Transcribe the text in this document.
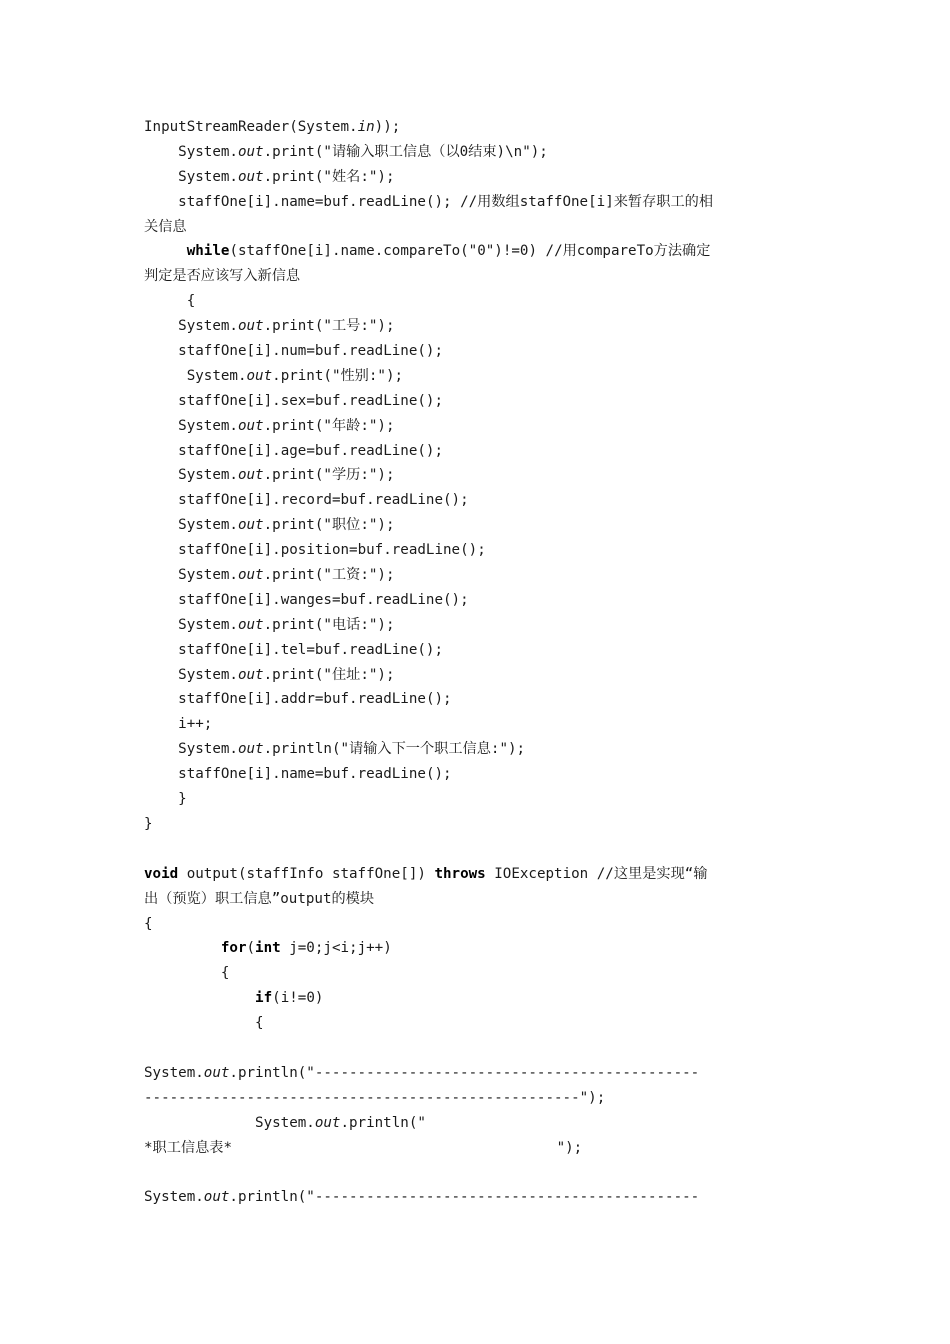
InputStreamReader(System.in));
System.out.print("请输入职工信息（以0结束)\n");
System.out.print("姓名:");
staffOne[i].name=buf.readLine(); //用数组staffOne[i]来暂存职工的相
关信息
while(staffOne[i].name.compareTo("0")!=0) //用compareTo方法确定
判定是否应该写入新信息
{
System.out.print("工号:");
staffOne[i].num=buf.readLine();
System.out.print("性别:");
staffOne[i].sex=buf.readLine();
System.out.print("年龄:");
staffOne[i].age=buf.readLine();
System.out.print("学历:");
staffOne[i].record=buf.readLine();
System.out.print("职位:");
staffOne[i].position=buf.readLine();
System.out.print("工资:");
staffOne[i].wanges=buf.readLine();
System.out.print("电话:");
staffOne[i].tel=buf.readLine();
System.out.print("住址:");
staffOne[i].addr=buf.readLine();
i++;
System.out.println("请输入下一个职工信息:");
staffOne[i].name=buf.readLine();
}
}
void output(staffInfo staffOne[]) throws IOException //这里是实现“输
出（预览）职工信息”output的模块
{
for(int j=0;j<i;j++)
{
if(i!=0)
{
System.out.println("---------------------------------------------
---------------------------------------------------");
System.out.println("
*职工信息表*                                      ");
System.out.println("---------------------------------------------
